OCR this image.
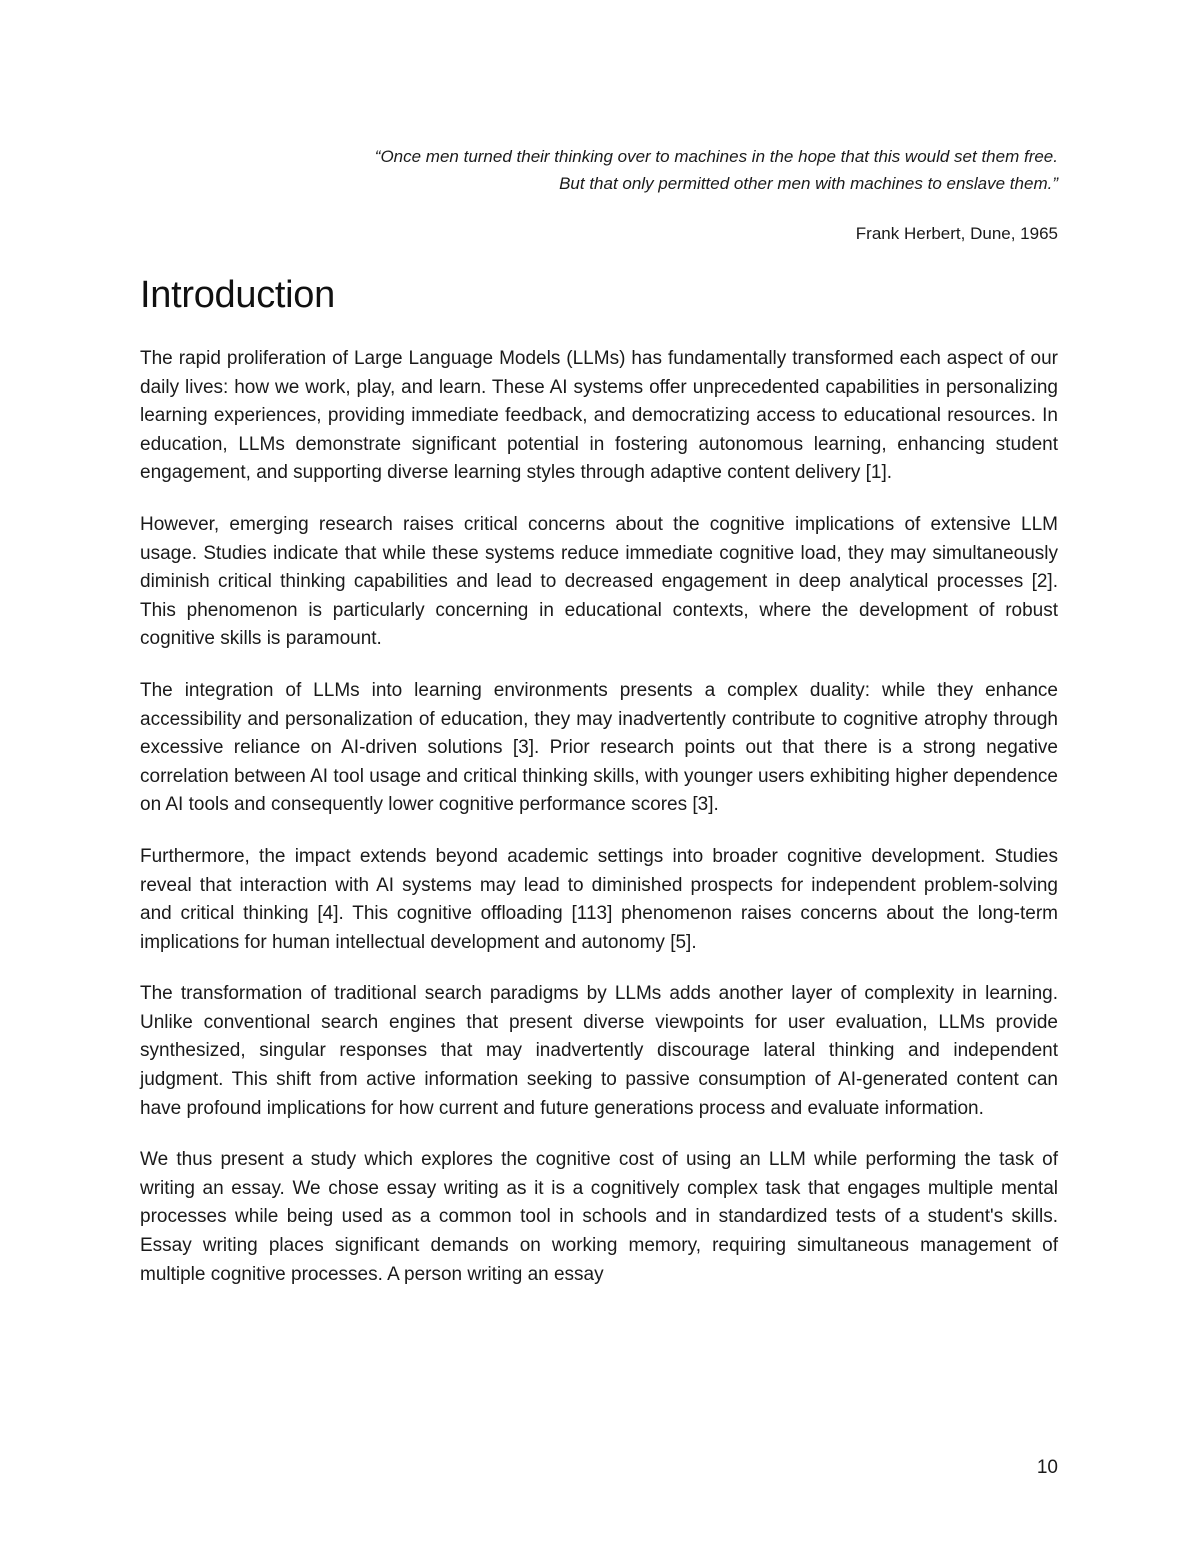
“Once men turned their thinking over to machines in the hope that this would set them free.
But that only permitted other men with machines to enslave them.”
Frank Herbert, Dune, 1965
Introduction

The rapid proliferation of Large Language Models (LLMs) has fundamentally transformed each aspect of our daily lives: how we work, play, and learn. These AI systems offer unprecedented capabilities in personalizing learning experiences, providing immediate feedback, and democratizing access to educational resources. In education, LLMs demonstrate significant potential in fostering autonomous learning, enhancing student engagement, and supporting diverse learning styles through adaptive content delivery [1].

However, emerging research raises critical concerns about the cognitive implications of extensive LLM usage. Studies indicate that while these systems reduce immediate cognitive load, they may simultaneously diminish critical thinking capabilities and lead to decreased engagement in deep analytical processes [2]. This phenomenon is particularly concerning in educational contexts, where the development of robust cognitive skills is paramount.

The integration of LLMs into learning environments presents a complex duality: while they enhance accessibility and personalization of education, they may inadvertently contribute to cognitive atrophy through excessive reliance on AI-driven solutions [3]. Prior research points out that there is a strong negative correlation between AI tool usage and critical thinking skills, with younger users exhibiting higher dependence on AI tools and consequently lower cognitive performance scores [3].

Furthermore, the impact extends beyond academic settings into broader cognitive development. Studies reveal that interaction with AI systems may lead to diminished prospects for independent problem-solving and critical thinking [4]. This cognitive offloading [113] phenomenon raises concerns about the long-term implications for human intellectual development and autonomy [5].

The transformation of traditional search paradigms by LLMs adds another layer of complexity in learning. Unlike conventional search engines that present diverse viewpoints for user evaluation, LLMs provide synthesized, singular responses that may inadvertently discourage lateral thinking and independent judgment. This shift from active information seeking to passive consumption of AI-generated content can have profound implications for how current and future generations process and evaluate information.

We thus present a study which explores the cognitive cost of using an LLM while performing the task of writing an essay. We chose essay writing as it is a cognitively complex task that engages multiple mental processes while being used as a common tool in schools and in standardized tests of a student's skills. Essay writing places significant demands on working memory, requiring simultaneous management of multiple cognitive processes. A person writing an essay

10
